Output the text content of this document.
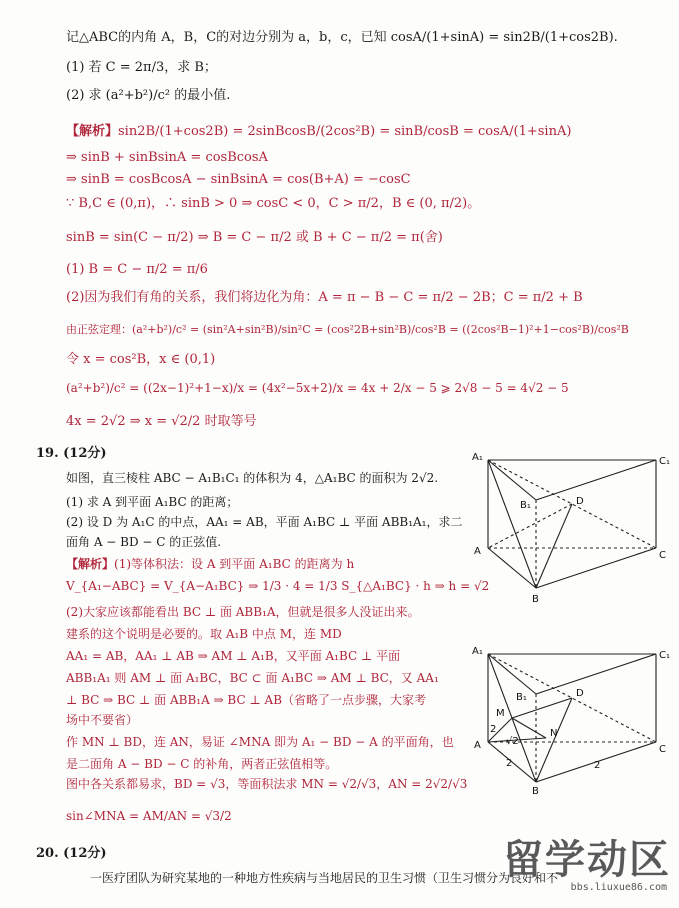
记△ABC的内角 A，B，C的对边分别为 a，b，c，已知 cosA/(1+sinA) = sin2B/(1+cos2B).
(1) 若 C = 2π/3，求 B；
(2) 求 (a²+b²)/c² 的最小值.
【解析】sin2B/(1+cos2B) = 2sinBcosB/(2cos²B) = sinB/cosB = cosA/(1+sinA)
⇒ sinB + sinBsinA = cosBcosA
⇒ sinB = cosBcosA − sinBsinA = cos(B+A) = −cosC
∵ B,C ∈ (0,π)，∴ sinB > 0 ⇒ cosC < 0，C > π/2，B ∈ (0, π/2)。
sinB = sin(C − π/2) ⇒ B = C − π/2 或 B + C − π/2 = π(舍)
(1) B = C − π/2 = π/6
(2)因为我们有角的关系，我们将边化为角：A = π − B − C = π/2 − 2B；C = π/2 + B
由正弦定理：(a²+b²)/c² = (sin²A+sin²B)/sin²C = (cos²2B+sin²B)/cos²B = ((2cos²B−1)²+1−cos²B)/cos²B
令 x = cos²B，x ∈ (0,1)
(a²+b²)/c² = ((2x−1)²+1−x)/x = (4x²−5x+2)/x = 4x + 2/x − 5 ⩾ 2√8 − 5 = 4√2 − 5
4x = 2√2 ⇒ x = √2/2 时取等号
19. (12分)
如图，直三棱柱 ABC − A₁B₁C₁ 的体积为 4，△A₁BC 的面积为 2√2.
(1) 求 A 到平面 A₁BC 的距离；
(2) 设 D 为 A₁C 的中点，AA₁ = AB，平面 A₁BC ⊥ 平面 ABB₁A₁，求二
面角 A − BD − C 的正弦值.
【解析】(1)等体积法：设 A 到平面 A₁BC 的距离为 h
V_{A₁−ABC} = V_{A−A₁BC} ⇒ 1/3 · 4 = 1/3 S_{△A₁BC} · h ⇒ h = √2
(2)大家应该都能看出 BC ⊥ 面 ABB₁A，但就是很多人没证出来。
建系的这个说明是必要的。取 A₁B 中点 M，连 MD
AA₁ = AB，AA₁ ⊥ AB ⇒ AM ⊥ A₁B，又平面 A₁BC ⊥ 平面
ABB₁A₁ 则 AM ⊥ 面 A₁BC，BC ⊂ 面 A₁BC ⇒ AM ⊥ BC，又 AA₁
⊥ BC ⇒ BC ⊥ 面 ABB₁A ⇒ BC ⊥ AB（省略了一点步骤，大家考
场中不要省）
作 MN ⊥ BD，连 AN，易证 ∠MNA 即为 A₁ − BD − A 的平面角，也
是二面角 A − BD − C 的补角，两者正弦值相等。
图中各关系都易求，BD = √3，等面积法求 MN = √2/√3，AN = 2√2/√3
sin∠MNA = AM/AN = √3/2
A₁	C₁
B₁	D
A	C
B
A₁	C₁
B₁	D
M
N
A	C
B
2
2	2
√2
20. (12分)
一医疗团队为研究某地的一种地方性疾病与当地居民的卫生习惯（卫生习惯分为良好和不
留学动区
bbs.liuxue86.com
